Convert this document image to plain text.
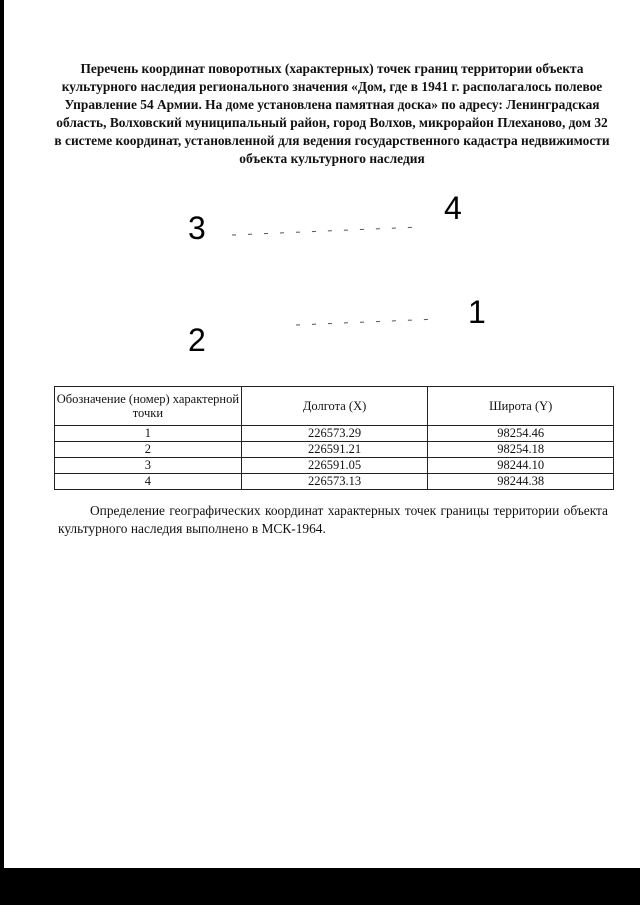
Перечень координат поворотных (характерных) точек границ территории объекта культурного наследия регионального значения «Дом, где в 1941 г. располагалось полевое Управление 54 Армии. На доме установлена памятная доска» по адресу: Ленинградская область, Волховский муниципальный район, город Волхов, микрорайон Плеханово, дом 32 в системе координат, установленной для ведения государственного кадастра недвижимости объекта культурного наследия
3
4
1
2
Обозначение (номер) характерной точки	Долгота (X)	Широта (Y)
1	226573.29	98254.46
2	226591.21	98254.18
3	226591.05	98244.10
4	226573.13	98244.38
Определение географических координат характерных точек границы территории объекта культурного наследия выполнено в МСК-1964.
